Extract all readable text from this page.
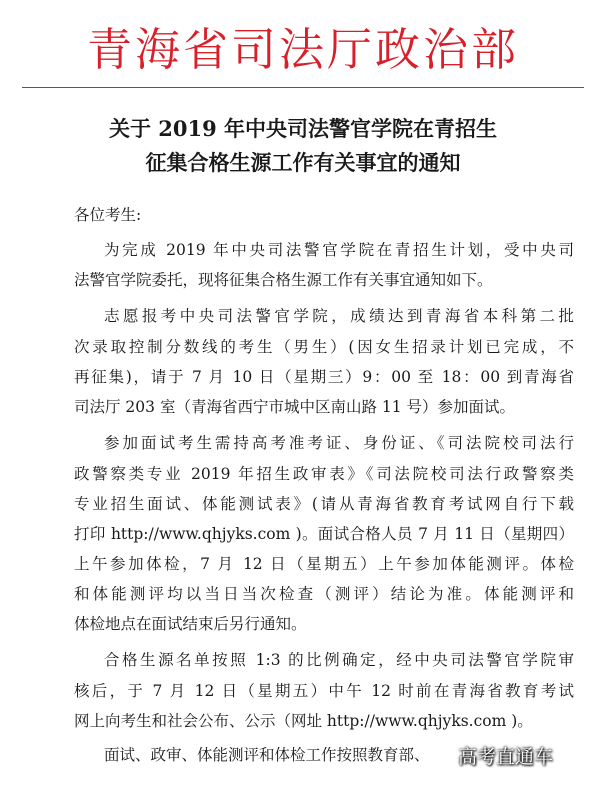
青海省司法厅政治部
关于 2019 年中央司法警官学院在青招生
征集合格生源工作有关事宜的通知
各位考生:
为完成 2019 年中央司法警官学院在青招生计划，受中央司
法警官学院委托，现将征集合格生源工作有关事宜通知如下。
志愿报考中央司法警官学院，成绩达到青海省本科第二批
次录取控制分数线的考生（男生）(因女生招录计划已完成，不
再征集)，请于 7 月 10 日（星期三）9：00 至 18：00 到青海省
司法厅 203 室（青海省西宁市城中区南山路 11 号）参加面试。
参加面试考生需持高考准考证、身份证、《司法院校司法行
政警察类专业 2019 年招生政审表》《司法院校司法行政警察类
专业招生面试、体能测试表》(请从青海省教育考试网自行下载
打印 http://www.qhjyks.com )。面试合格人员 7 月 11 日（星期四）
上午参加体检，7 月 12 日（星期五）上午参加体能测评。体检
和体能测评均以当日当次检查（测评）结论为准。体能测评和
体检地点在面试结束后另行通知。
合格生源名单按照 1:3 的比例确定，经中央司法警官学院审
核后，于 7 月 12 日（星期五）中午 12 时前在青海省教育考试
网上向考生和社会公布、公示（网址 http://www.qhjyks.com )。
面试、政审、体能测评和体检工作按照教育部、	高考直通车
